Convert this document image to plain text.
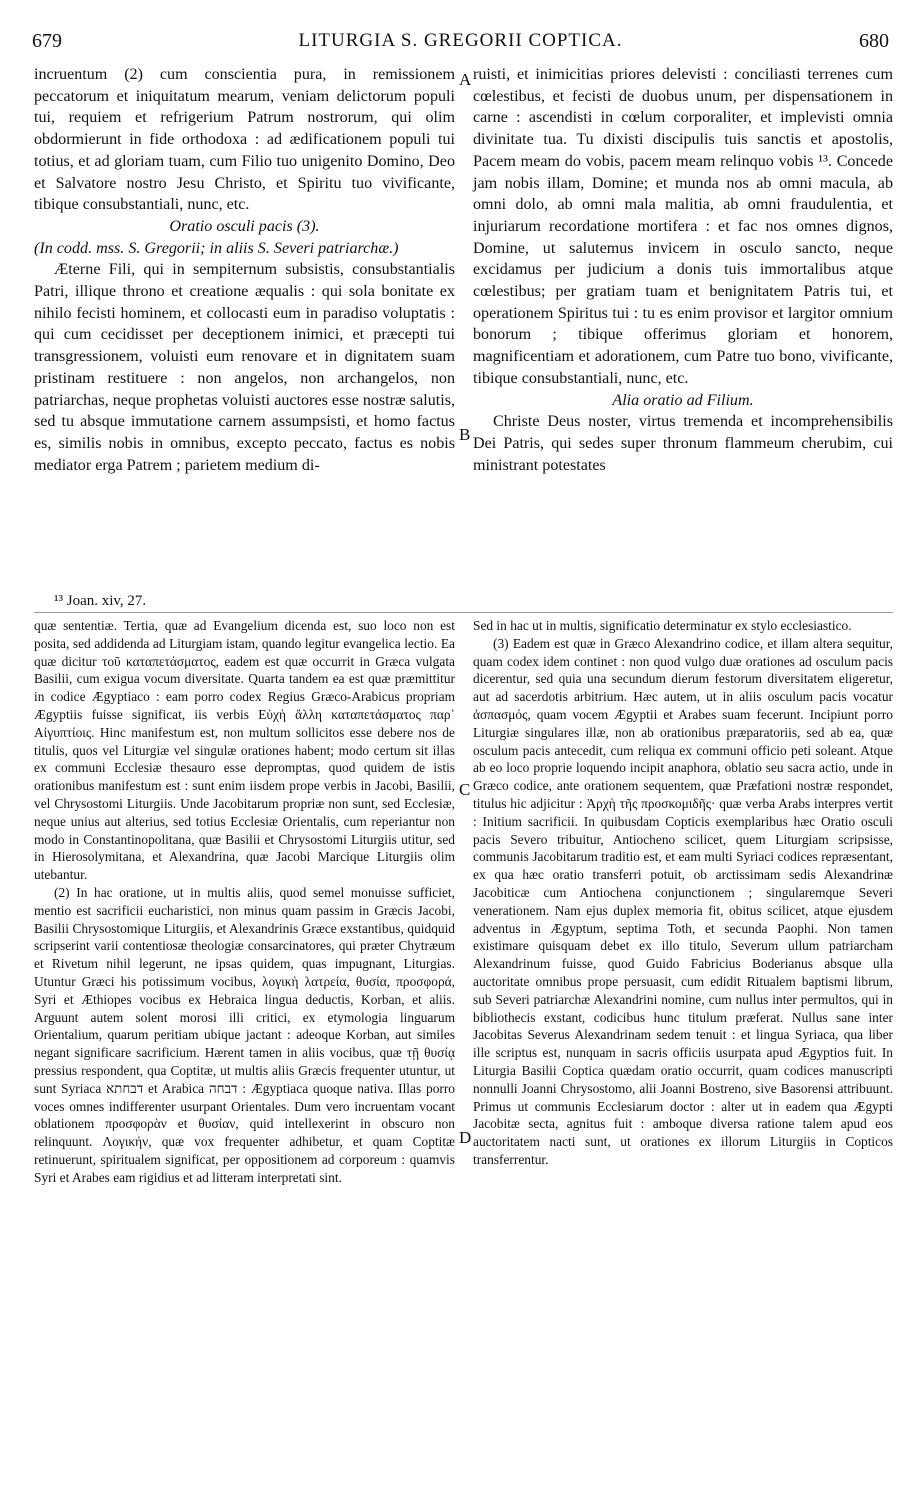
679	LITURGIA S. GREGORII COPTICA.	680
A
B
C
D

incruentum (2) cum conscientia pura, in remissionem peccatorum et iniquitatum mearum, veniam delictorum populi tui, requiem et refrigerium Patrum nostrorum, qui olim obdormierunt in fide orthodoxa : ad ædificationem populi tui totius, et ad gloriam tuam, cum Filio tuo unigenito Domino, Deo et Salvatore nostro Jesu Christo, et Spiritu tuo vivificante, tibique consubstantiali, nunc, etc.

Oratio osculi pacis (3).

(In codd. mss. S. Gregorii; in aliis S. Severi patriarchæ.)

Æterne Fili, qui in sempiternum subsistis, consubstantialis Patri, illique throno et creatione æqualis : qui sola bonitate ex nihilo fecisti hominem, et collocasti eum in paradiso voluptatis : qui cum cecidisset per deceptionem inimici, et præcepti tui transgressionem, voluisti eum renovare et in dignitatem suam pristinam restituere : non angelos, non archangelos, non patriarchas, neque prophetas voluisti auctores esse nostræ salutis, sed tu absque immutatione carnem assumpsisti, et homo factus es, similis nobis in omnibus, excepto peccato, factus es nobis mediator erga Patrem ; parietem medium di-

ruisti, et inimicitias priores delevisti : conciliasti terrenes cum cœlestibus, et fecisti de duobus unum, per dispensationem in carne : ascendisti in cœlum corporaliter, et implevisti omnia divinitate tua. Tu dixisti discipulis tuis sanctis et apostolis, Pacem meam do vobis, pacem meam relinquo vobis ¹³. Concede jam nobis illam, Domine; et munda nos ab omni macula, ab omni dolo, ab omni mala malitia, ab omni fraudulentia, et injuriarum recordatione mortifera : et fac nos omnes dignos, Domine, ut salutemus invicem in osculo sancto, neque excidamus per judicium a donis tuis immortalibus atque cœlestibus; per gratiam tuam et benignitatem Patris tui, et operationem Spiritus tui : tu es enim provisor et largitor omnium bonorum ; tibique offerimus gloriam et honorem, magnificentiam et adorationem, cum Patre tuo bono, vivificante, tibique consubstantiali, nunc, etc.

Alia oratio ad Filium.

Christe Deus noster, virtus tremenda et incomprehensibilis Dei Patris, qui sedes super thronum flammeum cherubim, cui ministrant potestates

¹³ Joan. xiv, 27.

quæ sententiæ. Tertia, quæ ad Evangelium dicenda est, suo loco non est posita, sed addidenda ad Liturgiam istam, quando legitur evangelica lectio. Ea quæ dicitur τοῦ καταπετάσματος, eadem est quæ occurrit in Græca vulgata Basilii, cum exigua vocum diversitate. Quarta tandem ea est quæ præmittitur in codice Ægyptiaco : eam porro codex Regius Græco-Arabicus propriam Ægyptiis fuisse significat, iis verbis Εὐχὴ ἄλλη καταπετάσματος παρ᾽ Αἰγυπτίοις. Hinc manifestum est, non multum sollicitos esse debere nos de titulis, quos vel Liturgiæ vel singulæ orationes habent; modo certum sit illas ex communi Ecclesiæ thesauro esse depromptas, quod quidem de istis orationibus manifestum est : sunt enim iisdem prope verbis in Jacobi, Basilii, vel Chrysostomi Liturgiis. Unde Jacobitarum propriæ non sunt, sed Ecclesiæ, neque unius aut alterius, sed totius Ecclesiæ Orientalis, cum reperiantur non modo in Constantinopolitana, quæ Basilii et Chrysostomi Liturgiis utitur, sed in Hierosolymitana, et Alexandrina, quæ Jacobi Marcique Liturgiis olim utebantur.

(2) In hac oratione, ut in multis aliis, quod semel monuisse sufficiet, mentio est sacrificii eucharistici, non minus quam passim in Græcis Jacobi, Basilii Chrysostomique Liturgiis, et Alexandrinis Græce exstantibus, quidquid scripserint varii contentiosæ theologiæ consarcinatores, qui præter Chytræum et Rivetum nihil legerunt, ne ipsas quidem, quas impugnant, Liturgias. Utuntur Græci his potissimum vocibus, λογικὴ λατρεία, θυσία, προσφορά, Syri et Æthiopes vocibus ex Hebraica lingua deductis, Korban, et aliis. Arguunt autem solent morosi illi critici, ex etymologia linguarum Orientalium, quarum peritiam ubique jactant : adeoque Korban, aut similes negant significare sacrificium. Hærent tamen in aliis vocibus, quæ τῇ θυσίᾳ pressius respondent, qua Coptitæ, ut multis aliis Græcis frequenter utuntur, ut sunt Syriaca דבחתא et Arabica דבחה : Ægyptiaca quoque nativa. Illas porro voces omnes indifferenter usurpant Orientales. Dum vero incruentam vocant oblationem προσφορὰν et θυσίαν, quid intellexerint in obscuro non relinquunt. Λογικήν, quæ vox frequenter adhibetur, et quam Coptitæ retinuerunt, spiritualem significat, per oppositionem ad corporeum : quamvis Syri et Arabes eam rigidius et ad litteram interpretati sint.

Sed in hac ut in multis, significatio determinatur ex stylo ecclesiastico.

(3) Eadem est quæ in Græco Alexandrino codice, et illam altera sequitur, quam codex idem continet : non quod vulgo duæ orationes ad osculum pacis dicerentur, sed quia una secundum dierum festorum diversitatem eligeretur, aut ad sacerdotis arbitrium. Hæc autem, ut in aliis osculum pacis vocatur ἀσπασμός, quam vocem Ægyptii et Arabes suam fecerunt. Incipiunt porro Liturgiæ singulares illæ, non ab orationibus præparatoriis, sed ab ea, quæ osculum pacis antecedit, cum reliqua ex communi officio peti soleant. Atque ab eo loco proprie loquendo incipit anaphora, oblatio seu sacra actio, unde in Græco codice, ante orationem sequentem, quæ Præfationi nostræ respondet, titulus hic adjicitur : Ἀρχὴ τῆς προσκομιδῆς· quæ verba Arabs interpres vertit : Initium sacrificii. In quibusdam Copticis exemplaribus hæc Oratio osculi pacis Severo tribuitur, Antiocheno scilicet, quem Liturgiam scripsisse, communis Jacobitarum traditio est, et eam multi Syriaci codices repræsentant, ex qua hæc oratio transferri potuit, ob arctissimam sedis Alexandrinæ Jacobiticæ cum Antiochena conjunctionem ; singularemque Severi venerationem. Nam ejus duplex memoria fit, obitus scilicet, atque ejusdem adventus in Ægyptum, septima Toth, et secunda Paophi. Non tamen existimare quisquam debet ex illo titulo, Severum ullum patriarcham Alexandrinum fuisse, quod Guido Fabricius Boderianus absque ulla auctoritate omnibus prope persuasit, cum edidit Ritualem baptismi librum, sub Severi patriarchæ Alexandrini nomine, cum nullus inter permultos, qui in bibliothecis exstant, codicibus hunc titulum præferat. Nullus sane inter Jacobitas Severus Alexandrinam sedem tenuit : et lingua Syriaca, qua liber ille scriptus est, nunquam in sacris officiis usurpata apud Ægyptios fuit. In Liturgia Basilii Coptica quædam oratio occurrit, quam codices manuscripti nonnulli Joanni Chrysostomo, alii Joanni Bostreno, sive Basorensi attribuunt. Primus ut communis Ecclesiarum doctor : alter ut in eadem qua Ægypti Jacobitæ secta, agnitus fuit : amboque diversa ratione talem apud eos auctoritatem nacti sunt, ut orationes ex illorum Liturgiis in Copticos transferrentur.
